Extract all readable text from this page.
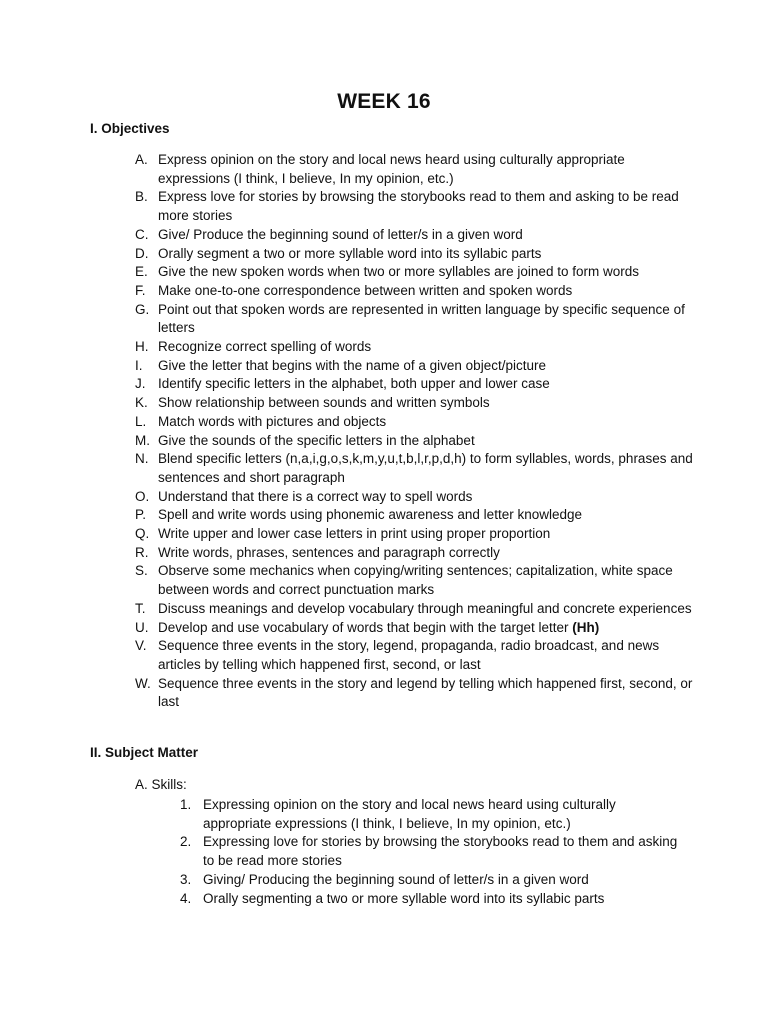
WEEK 16
I. Objectives
A. Express opinion on the story and local news heard using culturally appropriate expressions (I think, I believe, In my opinion, etc.)
B. Express love for stories by browsing the storybooks read to them and asking to be read more stories
C. Give/ Produce the beginning sound of letter/s in a given word
D. Orally segment a two or more syllable word into its syllabic parts
E. Give the new spoken words when two or more syllables are joined to form words
F. Make one-to-one correspondence between written and spoken words
G. Point out that spoken words are represented in written language by specific sequence of letters
H. Recognize correct spelling of words
I.	Give the letter that begins with the name of a given object/picture
J. Identify specific letters in the alphabet, both upper and lower case
K. Show relationship between sounds and written symbols
L. Match words with pictures and objects
M. Give the sounds of the specific letters in the alphabet
N. Blend specific letters (n,a,i,g,o,s,k,m,y,u,t,b,l,r,p,d,h) to form syllables, words, phrases and sentences and short paragraph
O. Understand that there is a correct way to spell words
P. Spell and write words using phonemic awareness and letter knowledge
Q. Write upper and lower case letters in print using proper proportion
R. Write words, phrases, sentences and paragraph correctly
S. Observe some mechanics when copying/writing sentences; capitalization, white space between words and correct punctuation marks
T. Discuss meanings and develop vocabulary through meaningful and concrete experiences
U. Develop and use vocabulary of words that begin with the target letter (Hh)
V. Sequence three events in the story, legend, propaganda, radio broadcast, and news articles by telling which happened first, second, or last
W. Sequence three events in the story and legend by telling which happened first, second, or last
II. Subject Matter
A. Skills:
1. Expressing opinion on the story and local news heard using culturally appropriate expressions (I think, I believe, In my opinion, etc.)
2. Expressing love for stories by browsing the storybooks read to them and asking to be read more stories
3. Giving/ Producing the beginning sound of letter/s in a given word
4. Orally segmenting a two or more syllable word into its syllabic parts
